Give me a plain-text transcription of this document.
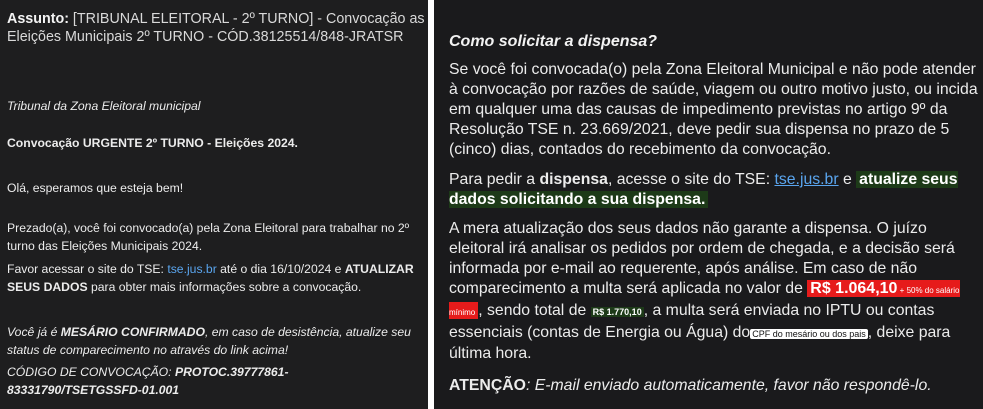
Assunto: [TRIBUNAL ELEITORAL - 2º TURNO] - Convocação as Eleições Municipais 2º TURNO - CÓD.38125514/848-JRATSR
Tribunal da Zona Eleitoral municipal
Convocação URGENTE 2º TURNO - Eleições 2024.
Olá, esperamos que esteja bem!
Prezado(a), você foi convocado(a) pela Zona Eleitoral para trabalhar no 2º turno das Eleições Municipais 2024.
Favor acessar o site do TSE: tse.jus.br até o dia 16/10/2024 e ATUALIZAR SEUS DADOS para obter mais informações sobre a convocação.
Você já é MESÁRIO CONFIRMADO, em caso de desistência, atualize seu status de comparecimento no através do link acima!
CÓDIGO DE CONVOCAÇÃO: PROTOC.39777861-83331790/TSETGSSFD-01.001
Como solicitar a dispensa?
Se você foi convocada(o) pela Zona Eleitoral Municipal e não pode atender à convocação por razões de saúde, viagem ou outro motivo justo, ou incida em qualquer uma das causas de impedimento previstas no artigo 9º da Resolução TSE n. 23.669/2021, deve pedir sua dispensa no prazo de 5 (cinco) dias, contados do recebimento da convocação.
Para pedir a dispensa, acesse o site do TSE: tse.jus.br e atualize seus dados solicitando a sua dispensa.
A mera atualização dos seus dados não garante a dispensa. O juízo eleitoral irá analisar os pedidos por ordem de chegada, e a decisão será informada por e-mail ao requerente, após análise. Em caso de não comparecimento a multa será aplicada no valor de R$ 1.064,10 + 50% do salário mínimo , sendo total de R$ 1.770,10 , a multa será enviada no IPTU ou contas essenciais (contas de Energia ou Água) do CPF do mesário ou dos pais , deixe para última hora.
ATENÇÃO: E-mail enviado automaticamente, favor não respondê-lo.
